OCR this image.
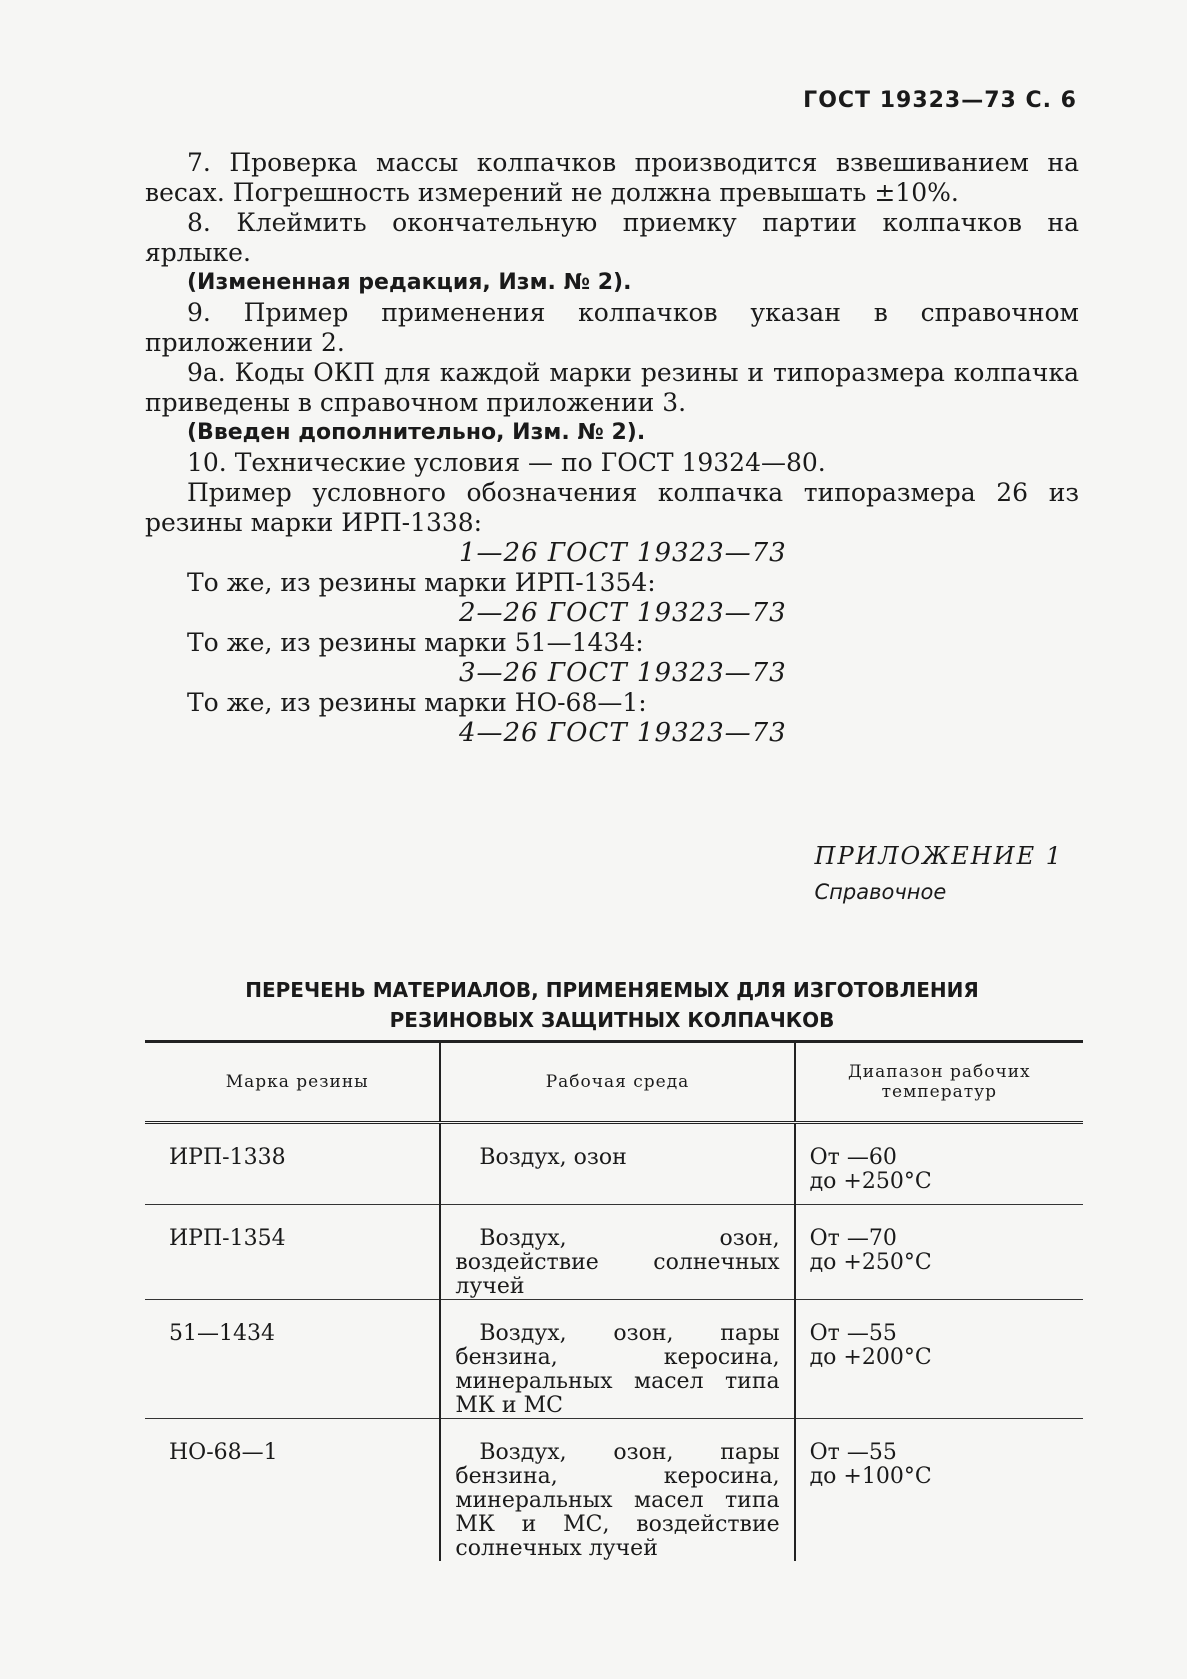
ГОСТ 19323—73 С. 6

7. Проверка массы колпачков производится взвешиванием на весах. Погрешность измерений не должна превышать ±10%.

8. Клеймить окончательную приемку партии колпачков на ярлыке.

(Измененная редакция, Изм. № 2).

9. Пример применения колпачков указан в справочном приложении 2.

9а. Коды ОКП для каждой марки резины и типоразмера колпачка приведены в справочном приложении 3.

(Введен дополнительно, Изм. № 2).

10. Технические условия — по ГОСТ 19324—80.

Пример условного обозначения колпачка типоразмера 26 из резины марки ИРП-1338:

1—26 ГОСТ 19323—73

То же, из резины марки ИРП-1354:

2—26 ГОСТ 19323—73

То же, из резины марки 51—1434:

3—26 ГОСТ 19323—73

То же, из резины марки НО-68—1:

4—26 ГОСТ 19323—73

ПРИЛОЖЕНИЕ 1
Справочное
ПЕРЕЧЕНЬ МАТЕРИАЛОВ, ПРИМЕНЯЕМЫХ ДЛЯ ИЗГОТОВЛЕНИЯ
РЕЗИНОВЫХ ЗАЩИТНЫХ КОЛПАЧКОВ
Марка резины	Рабочая среда	Диапазон рабочих температур
ИРП-1338	Воздух, озон	От —60
до +250°С

ИРП-1354	Воздух, озон, воздействие солнечных лучей	От —70
до +250°С

51—1434	Воздух, озон, пары бензина, керосина, минеральных масел типа МК и МС	От —55
до +200°С

НО-68—1	Воздух, озон, пары бензина, керосина, минеральных масел типа МК и МС, воздействие солнечных лучей	От —55
до +100°С
